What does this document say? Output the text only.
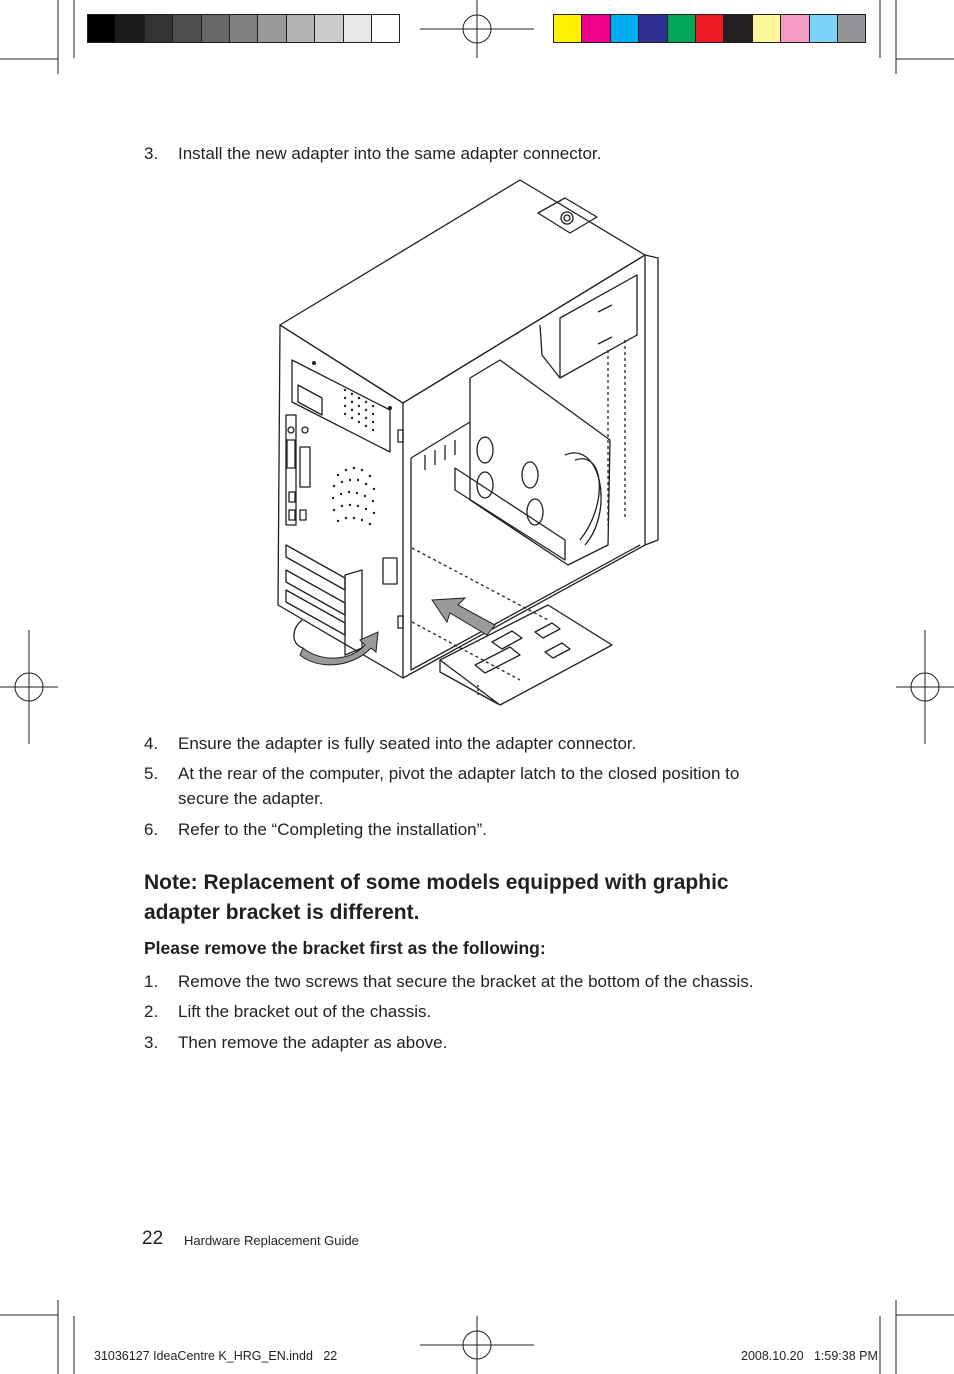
3. Install the new adapter into the same adapter connector.
4. Ensure the adapter is fully seated into the adapter connector.
5. At the rear of the computer, pivot the adapter latch to the closed position to secure the adapter.
6. Refer to the “Completing the installation”.
Note: Replacement of some models equipped with graphic adapter bracket is different.
Please remove the bracket first as the following:
1. Remove the two screws that secure the bracket at the bottom of the chassis.
2. Lift the bracket out of the chassis.
3. Then remove the adapter as above.
22 Hardware Replacement Guide
31036127 IdeaCentre K_HRG_EN.indd   22	2008.10.20   1:59:38 PM
